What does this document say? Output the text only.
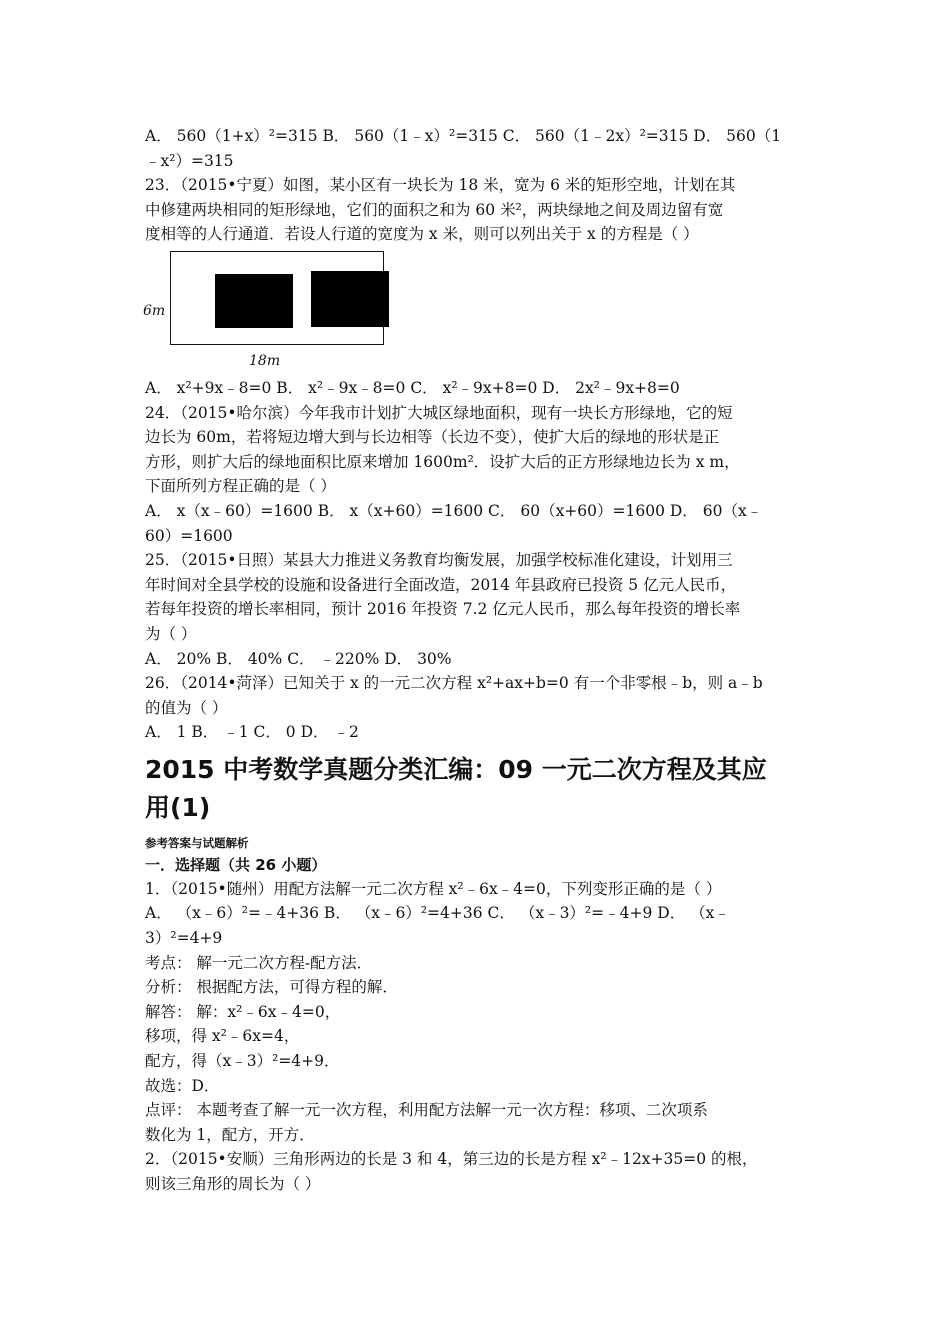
A． 560（1+x）²=315 B． 560（1﹣x）²=315 C． 560（1﹣2x）²=315 D． 560（1
﹣x²）=315
23．（2015•宁夏）如图，某小区有一块长为 18 米，宽为 6 米的矩形空地，计划在其
中修建两块相同的矩形绿地，它们的面积之和为 60 米²，两块绿地之间及周边留有宽
度相等的人行通道．若设人行道的宽度为 x 米，则可以列出关于 x 的方程是（ ）
6m
18m
A． x²+9x﹣8=0 B． x²﹣9x﹣8=0 C． x²﹣9x+8=0 D． 2x²﹣9x+8=0
24．（2015•哈尔滨）今年我市计划扩大城区绿地面积，现有一块长方形绿地，它的短
边长为 60m，若将短边增大到与长边相等（长边不变），使扩大后的绿地的形状是正
方形，则扩大后的绿地面积比原来增加 1600m²．设扩大后的正方形绿地边长为 x m，
下面所列方程正确的是（ ）
A． x（x﹣60）=1600 B． x（x+60）=1600 C． 60（x+60）=1600 D． 60（x﹣
60）=1600
25．（2015•日照）某县大力推进义务教育均衡发展，加强学校标准化建设，计划用三
年时间对全县学校的设施和设备进行全面改造，2014 年县政府已投资 5 亿元人民币，
若每年投资的增长率相同，预计 2016 年投资 7.2 亿元人民币，那么每年投资的增长率
为（ ）
A． 20% B． 40% C． ﹣220% D． 30%
26．（2014•菏泽）已知关于 x 的一元二次方程 x²+ax+b=0 有一个非零根﹣b，则 a﹣b
的值为（ ）
A． 1 B． ﹣1 C． 0 D． ﹣2
2015 中考数学真题分类汇编：09 一元二次方程及其应
用(1)
参考答案与试题解析
一．选择题（共 26 小题）
1．（2015•随州）用配方法解一元二次方程 x²﹣6x﹣4=0，下列变形正确的是（ ）
A． （x﹣6）²=﹣4+36 B． （x﹣6）²=4+36 C． （x﹣3）²=﹣4+9 D． （x﹣
3）²=4+9
考点： 解一元二次方程-配方法．
分析： 根据配方法，可得方程的解．
解答： 解：x²﹣6x﹣4=0，
移项，得 x²﹣6x=4，
配方，得（x﹣3）²=4+9．
故选：D．
点评： 本题考查了解一元一次方程，利用配方法解一元一次方程：移项、二次项系
数化为 1，配方，开方．
2．（2015•安顺）三角形两边的长是 3 和 4，第三边的长是方程 x²﹣12x+35=0 的根，
则该三角形的周长为（ ）
